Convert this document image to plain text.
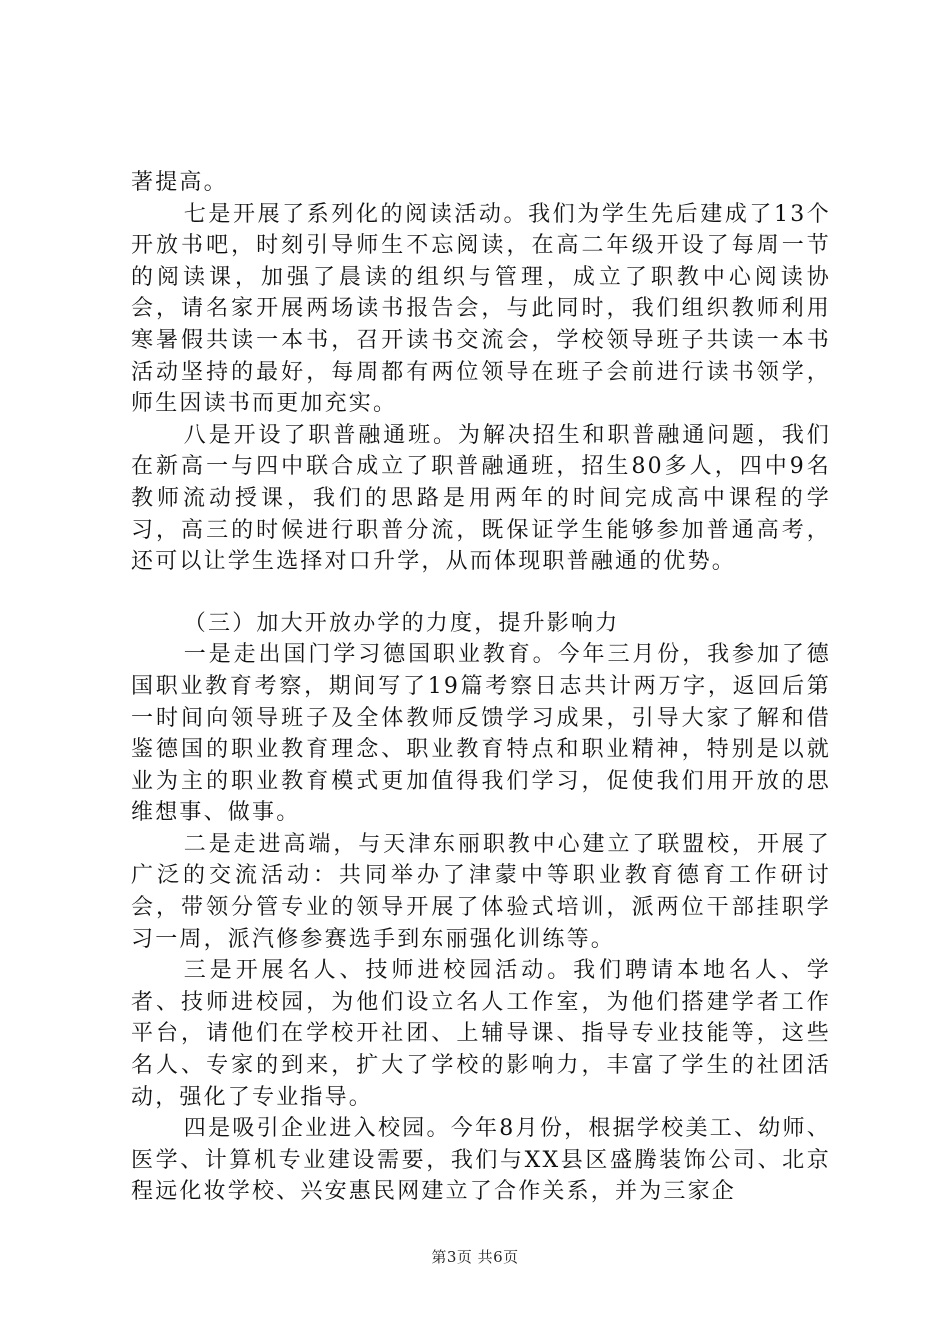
著提高。

七是开展了系列化的阅读活动。我们为学生先后建成了13个开放书吧，时刻引导师生不忘阅读，在高二年级开设了每周一节的阅读课，加强了晨读的组织与管理，成立了职教中心阅读协会，请名家开展两场读书报告会，与此同时，我们组织教师利用寒暑假共读一本书，召开读书交流会，学校领导班子共读一本书活动坚持的最好，每周都有两位领导在班子会前进行读书领学，师生因读书而更加充实。

八是开设了职普融通班。为解决招生和职普融通问题，我们在新高一与四中联合成立了职普融通班，招生80多人，四中9名教师流动授课，我们的思路是用两年的时间完成高中课程的学习，高三的时候进行职普分流，既保证学生能够参加普通高考，还可以让学生选择对口升学，从而体现职普融通的优势。

（三）加大开放办学的力度，提升影响力

一是走出国门学习德国职业教育。今年三月份，我参加了德国职业教育考察，期间写了19篇考察日志共计两万字，返回后第一时间向领导班子及全体教师反馈学习成果，引导大家了解和借鉴德国的职业教育理念、职业教育特点和职业精神，特别是以就业为主的职业教育模式更加值得我们学习，促使我们用开放的思维想事、做事。

二是走进高端，与天津东丽职教中心建立了联盟校，开展了广泛的交流活动：共同举办了津蒙中等职业教育德育工作研讨会，带领分管专业的领导开展了体验式培训，派两位干部挂职学习一周，派汽修参赛选手到东丽强化训练等。

三是开展名人、技师进校园活动。我们聘请本地名人、学者、技师进校园，为他们设立名人工作室，为他们搭建学者工作平台，请他们在学校开社团、上辅导课、指导专业技能等，这些名人、专家的到来，扩大了学校的影响力，丰富了学生的社团活动，强化了专业指导。

四是吸引企业进入校园。今年8月份，根据学校美工、幼师、医学、计算机专业建设需要，我们与XX县区盛腾装饰公司、北京程远化妆学校、兴安惠民网建立了合作关系，并为三家企

第3页 共6页
